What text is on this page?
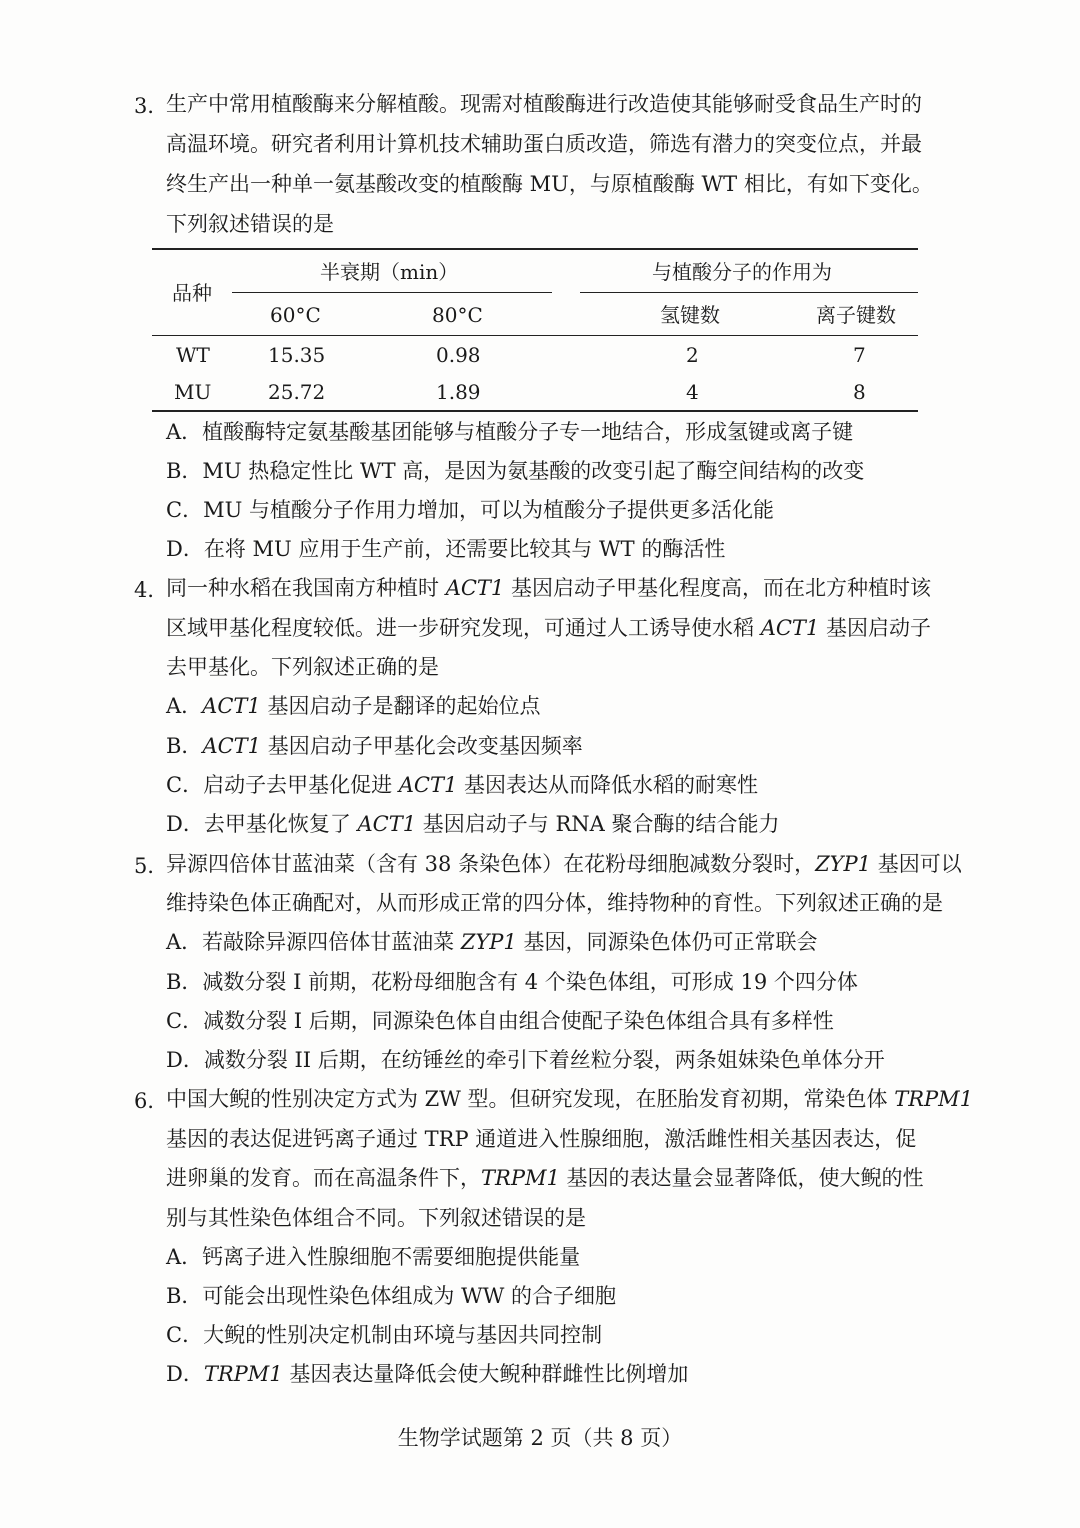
3．
生产中常用植酸酶来分解植酸。现需对植酸酶进行改造使其能够耐受食品生产时的
高温环境。研究者利用计算机技术辅助蛋白质改造，筛选有潜力的突变位点，并最
终生产出一种单一氨基酸改变的植酸酶 MU，与原植酸酶 WT 相比，有如下变化。
下列叙述错误的是
品种
半衰期（min）	与植酸分子的作用为
60°C	80°C	氢键数	离子键数
WT	15.35	0.98	2	7
MU	25.72	1.89	4	8
A．植酸酶特定氨基酸基团能够与植酸分子专一地结合，形成氢键或离子键
B．MU 热稳定性比 WT 高，是因为氨基酸的改变引起了酶空间结构的改变
C．MU 与植酸分子作用力增加，可以为植酸分子提供更多活化能
D．在将 MU 应用于生产前，还需要比较其与 WT 的酶活性
4．
同一种水稻在我国南方种植时 ACT1 基因启动子甲基化程度高，而在北方种植时该
区域甲基化程度较低。进一步研究发现，可通过人工诱导使水稻 ACT1 基因启动子
去甲基化。下列叙述正确的是
A．ACT1 基因启动子是翻译的起始位点
B．ACT1 基因启动子甲基化会改变基因频率
C．启动子去甲基化促进 ACT1 基因表达从而降低水稻的耐寒性
D．去甲基化恢复了 ACT1 基因启动子与 RNA 聚合酶的结合能力
5．
异源四倍体甘蓝油菜（含有 38 条染色体）在花粉母细胞减数分裂时，ZYP1 基因可以
维持染色体正确配对，从而形成正常的四分体，维持物种的育性。下列叙述正确的是
A．若敲除异源四倍体甘蓝油菜 ZYP1 基因，同源染色体仍可正常联会
B．减数分裂 I 前期，花粉母细胞含有 4 个染色体组，可形成 19 个四分体
C．减数分裂 I 后期，同源染色体自由组合使配子染色体组合具有多样性
D．减数分裂 II 后期，在纺锤丝的牵引下着丝粒分裂，两条姐妹染色单体分开
6．
中国大鲵的性别决定方式为 ZW 型。但研究发现，在胚胎发育初期，常染色体 TRPM1
基因的表达促进钙离子通过 TRP 通道进入性腺细胞，激活雌性相关基因表达，促
进卵巢的发育。而在高温条件下，TRPM1 基因的表达量会显著降低，使大鲵的性
别与其性染色体组合不同。下列叙述错误的是
A．钙离子进入性腺细胞不需要细胞提供能量
B．可能会出现性染色体组成为 WW 的合子细胞
C．大鲵的性别决定机制由环境与基因共同控制
D．TRPM1 基因表达量降低会使大鲵种群雌性比例增加
生物学试题第 2 页（共 8 页）
